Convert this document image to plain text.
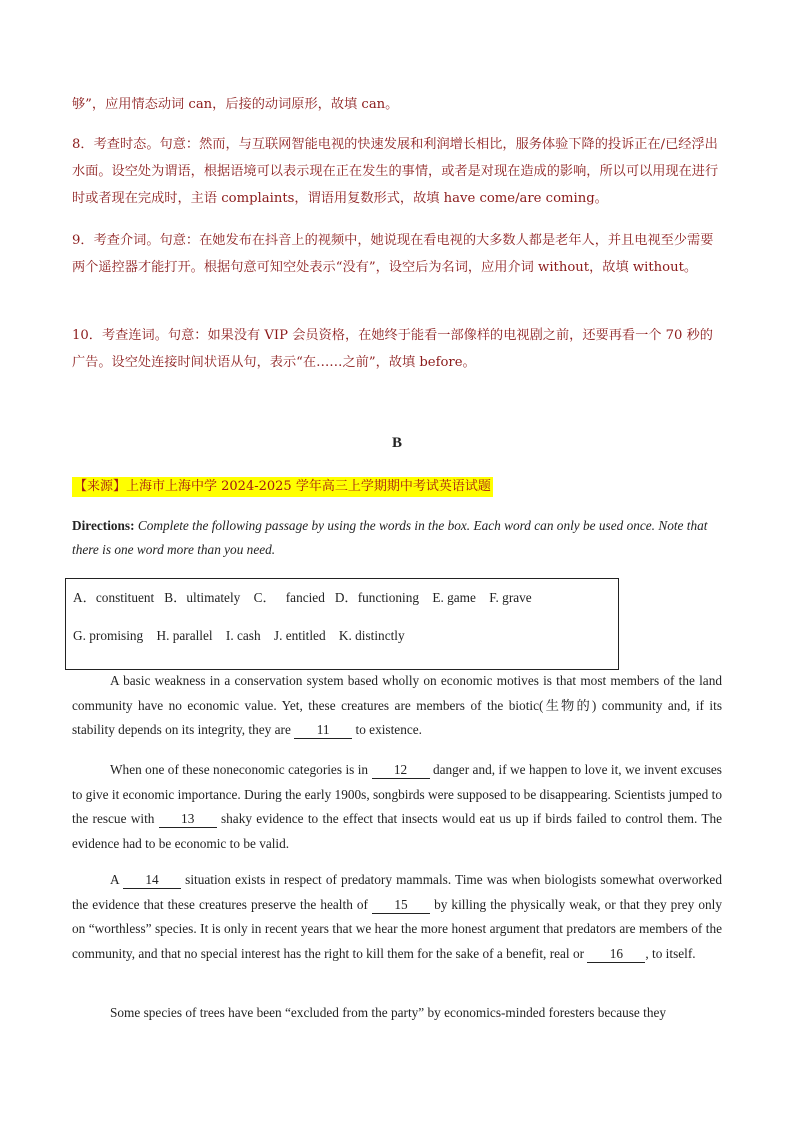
够”，应用情态动词 can，后接的动词原形，故填 can。
8．考查时态。句意：然而，与互联网智能电视的快速发展和利润增长相比，服务体验下降的投诉正在/已经浮出水面。设空处为谓语，根据语境可以表示现在正在发生的事情，或者是对现在造成的影响，所以可以用现在进行时或者现在完成时，主语 complaints，谓语用复数形式，故填 have come/are coming。
9．考查介词。句意：在她发布在抖音上的视频中，她说现在看电视的大多数人都是老年人，并且电视至少需要两个遥控器才能打开。根据句意可知空处表示“没有”，设空后为名词，应用介词 without，故填 without。
10．考查连词。句意：如果没有 VIP 会员资格，在她终于能看一部像样的电视剧之前，还要再看一个 70 秒的广告。设空处连接时间状语从句，表示“在……之前”，故填 before。
B
【来源】上海市上海中学 2024-2025 学年高三上学期期中考试英语试题
Directions: Complete the following passage by using the words in the box. Each word can only be used once. Note that there is one word more than you need.
A．constituent   B．ultimately    C．   fancied   D．functioning    E. game    F. grave
G. promising    H. parallel    I. cash    J. entitled    K. distinctly

A basic weakness in a conservation system based wholly on economic motives is that most members of the land community have no economic value. Yet, these creatures are members of the biotic(生物的) community and, if its stability depends on its integrity, they are 11 to existence.

When one of these noneconomic categories is in 12 danger and, if we happen to love it, we invent excuses to give it economic importance. During the early 1900s, songbirds were supposed to be disappearing. Scientists jumped to the rescue with 13 shaky evidence to the effect that insects would eat us up if birds failed to control them. The evidence had to be economic to be valid.

A 14 situation exists in respect of predatory mammals. Time was when biologists somewhat overworked the evidence that these creatures preserve the health of 15 by killing the physically weak, or that they prey only on “worthless” species. It is only in recent years that we hear the more honest argument that predators are members of the community, and that no special interest has the right to kill them for the sake of a benefit, real or 16 , to itself.

Some species of trees have been “excluded from the party” by economics-minded foresters because they
